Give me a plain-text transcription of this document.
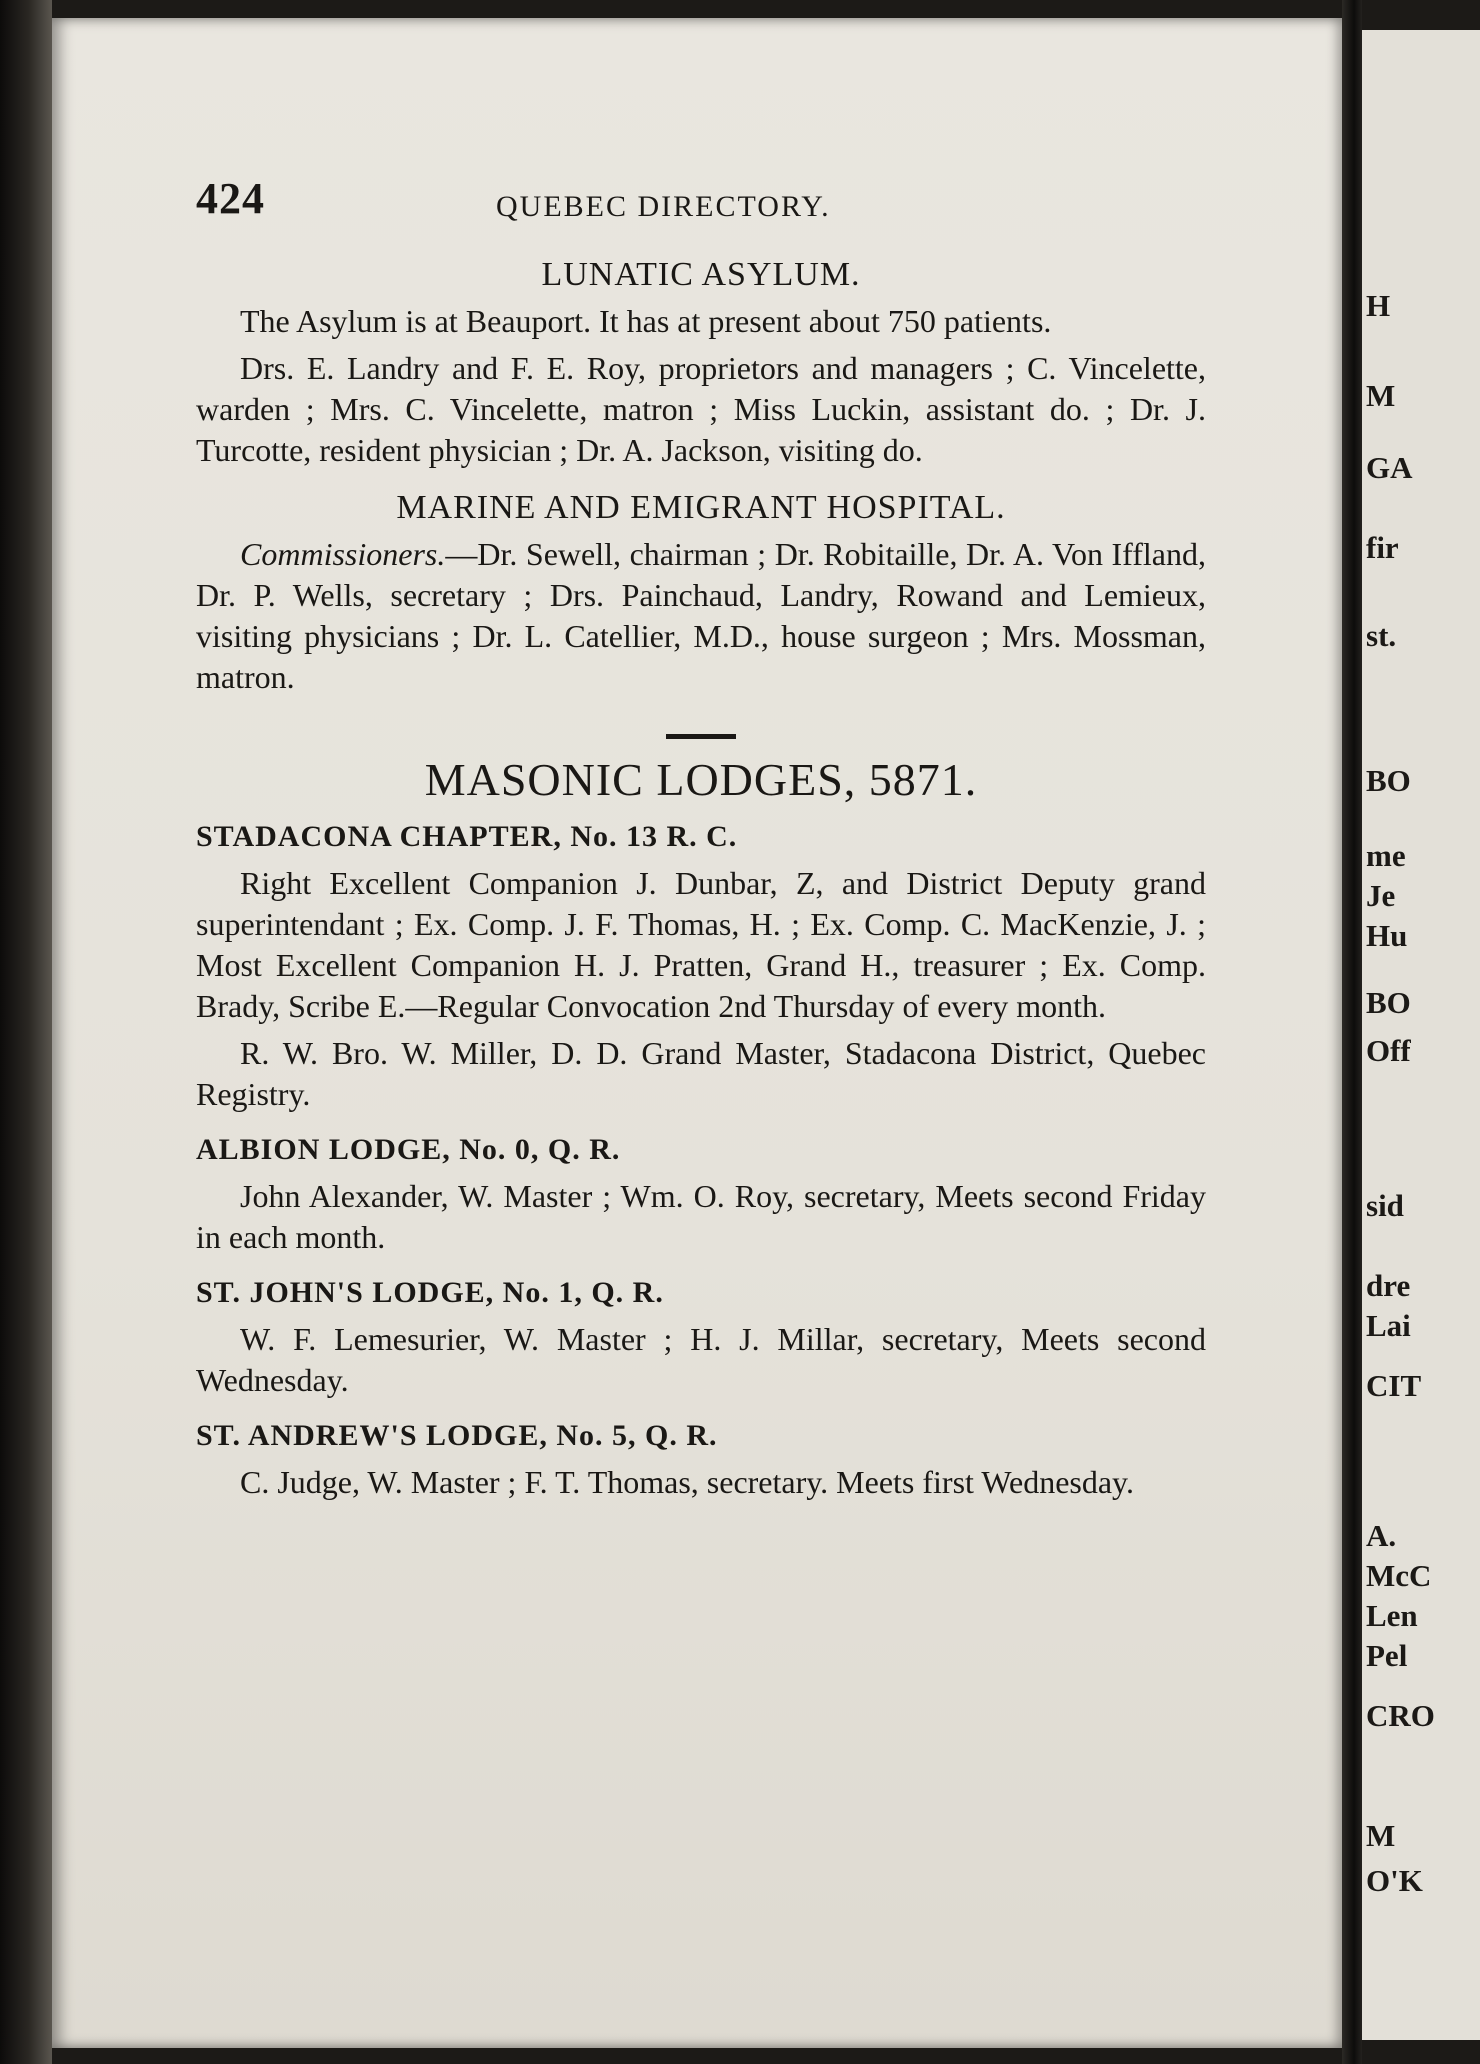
424	QUEBEC DIRECTORY.
LUNATIC ASYLUM.

The Asylum is at Beauport. It has at present about 750 patients.

Drs. E. Landry and F. E. Roy, proprietors and managers ; C. Vincelette, warden ; Mrs. C. Vincelette, matron ; Miss Luckin, assistant do. ; Dr. J. Turcotte, resident physician ; Dr. A. Jackson, visiting do.

MARINE AND EMIGRANT HOSPITAL.

Commissioners.—Dr. Sewell, chairman ; Dr. Robitaille, Dr. A. Von Iffland, Dr. P. Wells, secretary ; Drs. Painchaud, Landry, Rowand and Lemieux, visiting physicians ; Dr. L. Catellier, M.D., house surgeon ; Mrs. Mossman, matron.

MASONIC LODGES, 5871.
STADACONA CHAPTER, No. 13 R. C.

Right Excellent Companion J. Dunbar, Z, and District Deputy grand superintendant ; Ex. Comp. J. F. Thomas, H. ; Ex. Comp. C. MacKenzie, J. ; Most Excellent Companion H. J. Pratten, Grand H., treasurer ; Ex. Comp. Brady, Scribe E.—Regular Convocation 2nd Thursday of every month.

R. W. Bro. W. Miller, D. D. Grand Master, Stadacona District, Quebec Registry.

ALBION LODGE, No. 0, Q. R.

John Alexander, W. Master ; Wm. O. Roy, secretary, Meets second Friday in each month.

ST. JOHN'S LODGE, No. 1, Q. R.

W. F. Lemesurier, W. Master ; H. J. Millar, secretary, Meets second Wednesday.

ST. ANDREW'S LODGE, No. 5, Q. R.

C. Judge, W. Master ; F. T. Thomas, secretary. Meets first Wednesday.

H
M
GA
fir
st.
BO
me
Je
Hu
BO
Off
sid
dre
Lai
CIT
A.
McC
Len
Pel
CRO
M
O'K
